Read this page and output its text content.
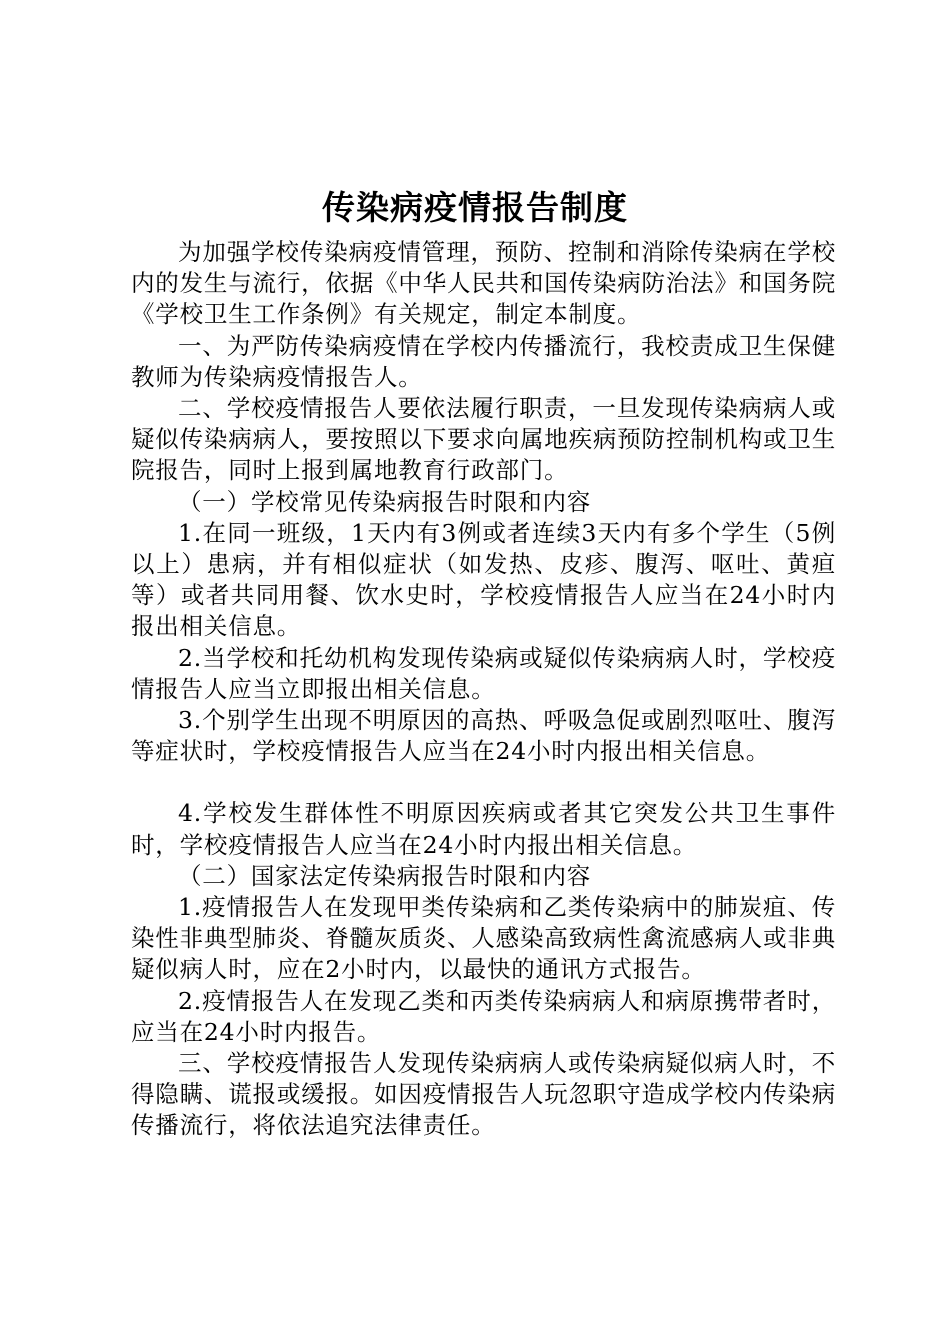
传染病疫情报告制度

为加强学校传染病疫情管理，预防、控制和消除传染病在学校内的发生与流行，依据《中华人民共和国传染病防治法》和国务院《学校卫生工作条例》有关规定，制定本制度。

一、为严防传染病疫情在学校内传播流行，我校责成卫生保健教师为传染病疫情报告人。

二、学校疫情报告人要依法履行职责，一旦发现传染病病人或疑似传染病病人，要按照以下要求向属地疾病预防控制机构或卫生院报告，同时上报到属地教育行政部门。

（一）学校常见传染病报告时限和内容

1.在同一班级，1天内有3例或者连续3天内有多个学生（5例以上）患病，并有相似症状（如发热、皮疹、腹泻、呕吐、黄疸等）或者共同用餐、饮水史时，学校疫情报告人应当在24小时内报出相关信息。

2.当学校和托幼机构发现传染病或疑似传染病病人时，学校疫情报告人应当立即报出相关信息。

3.个别学生出现不明原因的高热、呼吸急促或剧烈呕吐、腹泻等症状时，学校疫情报告人应当在24小时内报出相关信息。

4.学校发生群体性不明原因疾病或者其它突发公共卫生事件时，学校疫情报告人应当在24小时内报出相关信息。

（二）国家法定传染病报告时限和内容

1.疫情报告人在发现甲类传染病和乙类传染病中的肺炭疽、传染性非典型肺炎、脊髓灰质炎、人感染高致病性禽流感病人或非典疑似病人时，应在2小时内，以最快的通讯方式报告。

2.疫情报告人在发现乙类和丙类传染病病人和病原携带者时，应当在24小时内报告。

三、学校疫情报告人发现传染病病人或传染病疑似病人时，不得隐瞒、谎报或缓报。如因疫情报告人玩忽职守造成学校内传染病传播流行，将依法追究法律责任。
